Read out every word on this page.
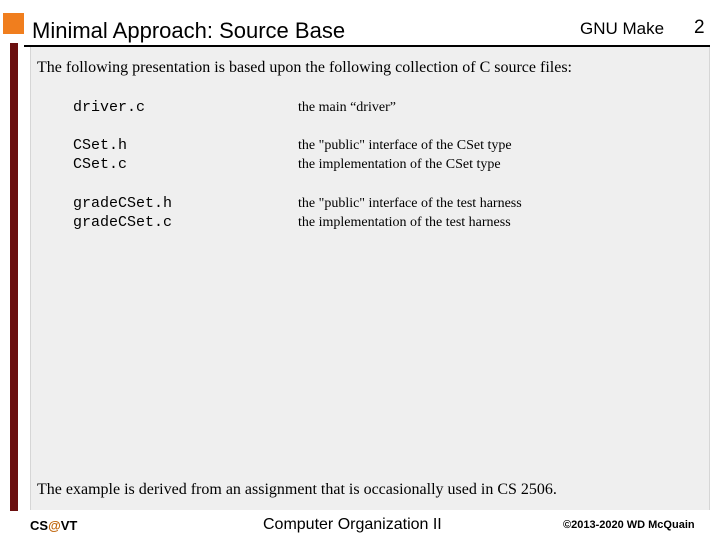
Minimal Approach: Source Base	GNU Make 2
The following presentation is based upon the following collection of C source files:
driver.c	the main “driver”
CSet.h	the "public" interface of the CSet type
CSet.c	the implementation of the CSet type
gradeCSet.h	the "public" interface of the test harness
gradeCSet.c	the implementation of the test harness
The example is derived from an assignment that is occasionally used in CS 2506.
CS@VT	Computer Organization II	©2013-2020 WD McQuain
